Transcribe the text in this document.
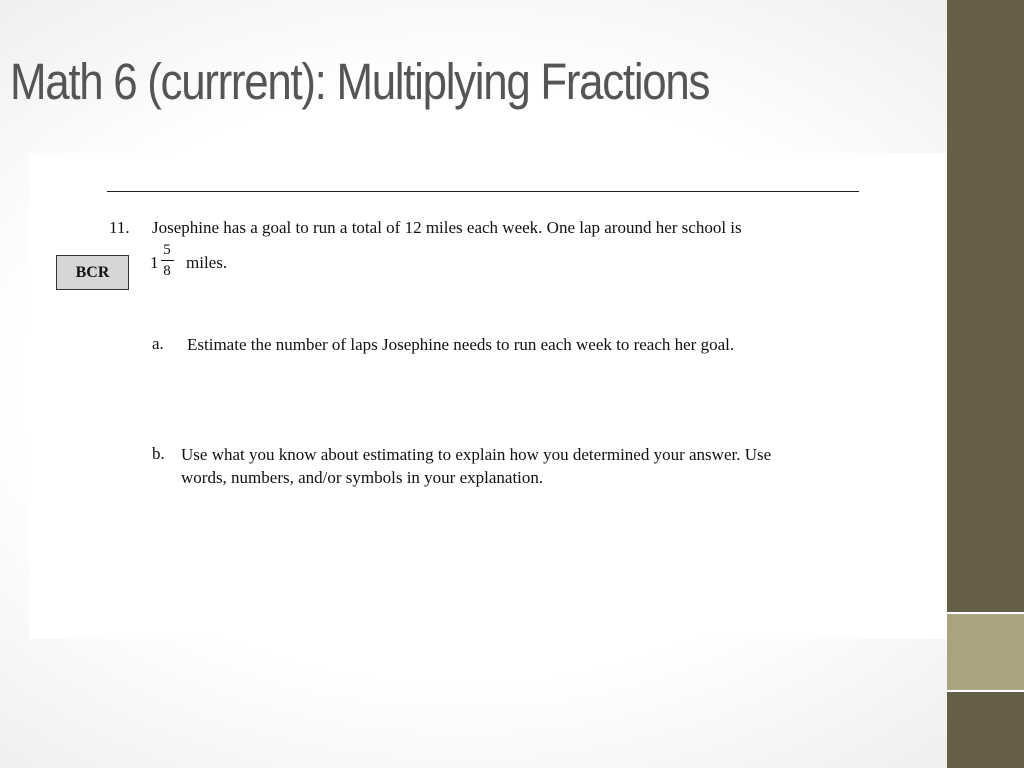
Math 6 (currrent): Multiplying Fractions
11. Josephine has a goal to run a total of 12 miles each week. One lap around her school is
BCR 1
5
8 miles.
a. Estimate the number of laps Josephine needs to run each week to reach her goal.
b. Use what you know about estimating to explain how you determined your answer. Use
words, numbers, and/or symbols in your explanation.
